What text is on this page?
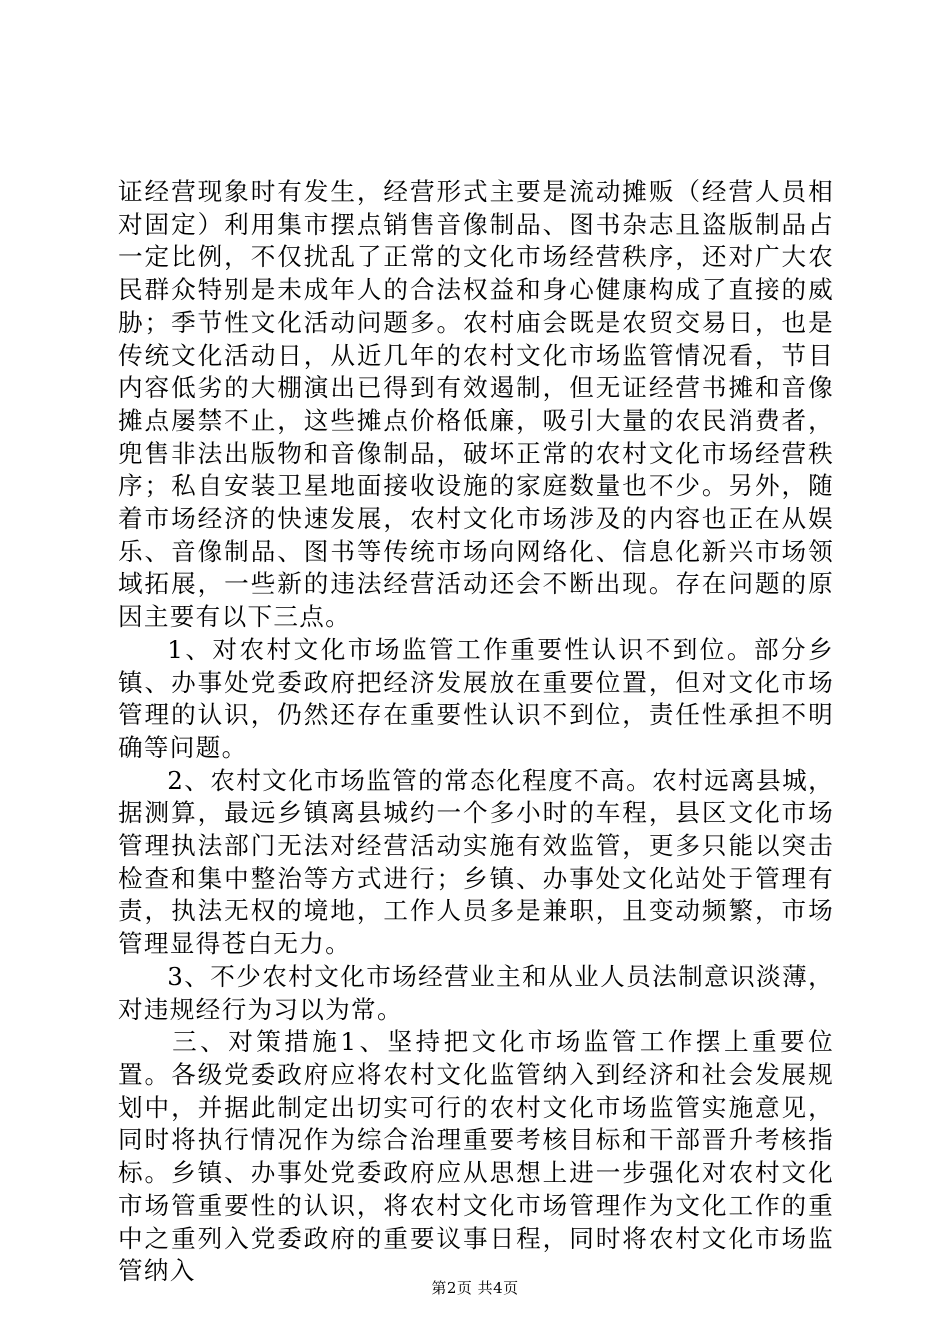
证经营现象时有发生，经营形式主要是流动摊贩（经营人员相对固定）利用集市摆点销售音像制品、图书杂志且盗版制品占一定比例，不仅扰乱了正常的文化市场经营秩序，还对广大农民群众特别是未成年人的合法权益和身心健康构成了直接的威胁；季节性文化活动问题多。农村庙会既是农贸交易日，也是传统文化活动日，从近几年的农村文化市场监管情况看，节目内容低劣的大棚演出已得到有效遏制，但无证经营书摊和音像摊点屡禁不止，这些摊点价格低廉，吸引大量的农民消费者，兜售非法出版物和音像制品，破坏正常的农村文化市场经营秩序；私自安装卫星地面接收设施的家庭数量也不少。另外，随着市场经济的快速发展，农村文化市场涉及的内容也正在从娱乐、音像制品、图书等传统市场向网络化、信息化新兴市场领域拓展，一些新的违法经营活动还会不断出现。存在问题的原因主要有以下三点。

1、对农村文化市场监管工作重要性认识不到位。部分乡镇、办事处党委政府把经济发展放在重要位置，但对文化市场管理的认识，仍然还存在重要性认识不到位，责任性承担不明确等问题。

2、农村文化市场监管的常态化程度不高。农村远离县城，据测算，最远乡镇离县城约一个多小时的车程，县区文化市场管理执法部门无法对经营活动实施有效监管，更多只能以突击检查和集中整治等方式进行；乡镇、办事处文化站处于管理有责，执法无权的境地，工作人员多是兼职，且变动频繁，市场管理显得苍白无力。

3、不少农村文化市场经营业主和从业人员法制意识淡薄，对违规经行为习以为常。

三、对策措施1、坚持把文化市场监管工作摆上重要位置。各级党委政府应将农村文化监管纳入到经济和社会发展规划中，并据此制定出切实可行的农村文化市场监管实施意见，同时将执行情况作为综合治理重要考核目标和干部晋升考核指标。乡镇、办事处党委政府应从思想上进一步强化对农村文化市场管重要性的认识，将农村文化市场管理作为文化工作的重中之重列入党委政府的重要议事日程，同时将农村文化市场监管纳入

第2页 共4页
